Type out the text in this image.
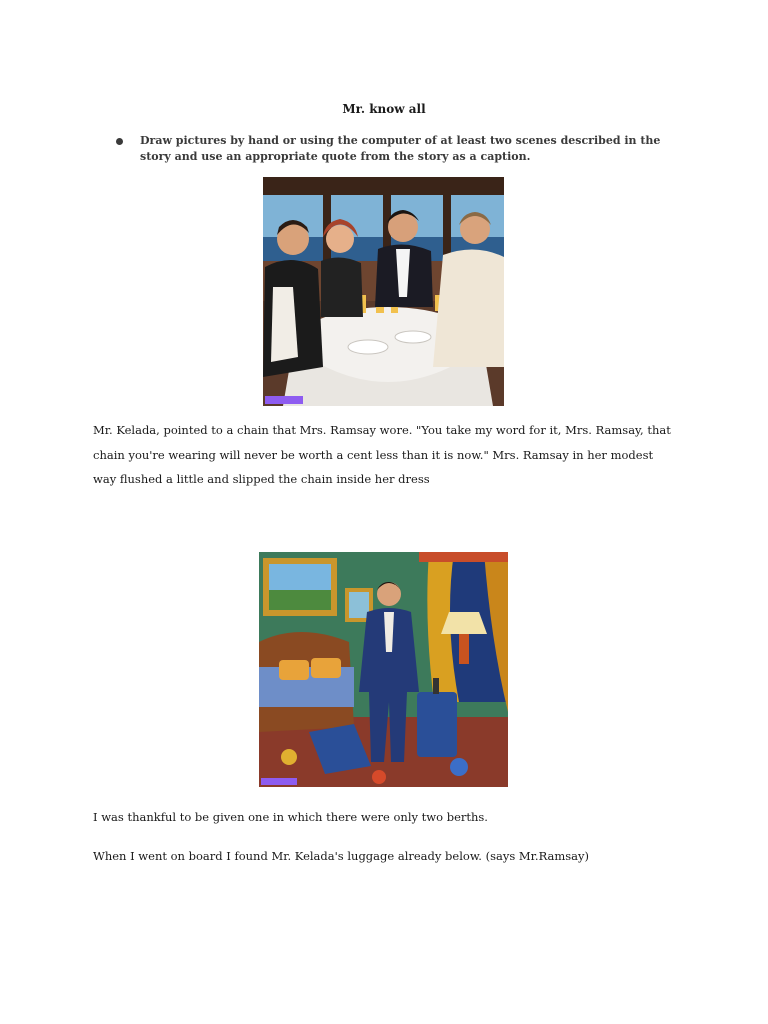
Mr. know all
Draw pictures by hand or using the computer of at least two scenes described in the story and use an appropriate quote from the story as a caption.
Mr. Kelada, pointed to a chain that Mrs. Ramsay wore. "You take my word for it, Mrs. Ramsay, that chain you're wearing will never be worth a cent less than it is now." Mrs. Ramsay in her modest way flushed a little and slipped the chain inside her dress
I was thankful to be given one in which there were only two berths.
When I went on board I found Mr. Kelada's luggage already below. (says Mr.Ramsay)
